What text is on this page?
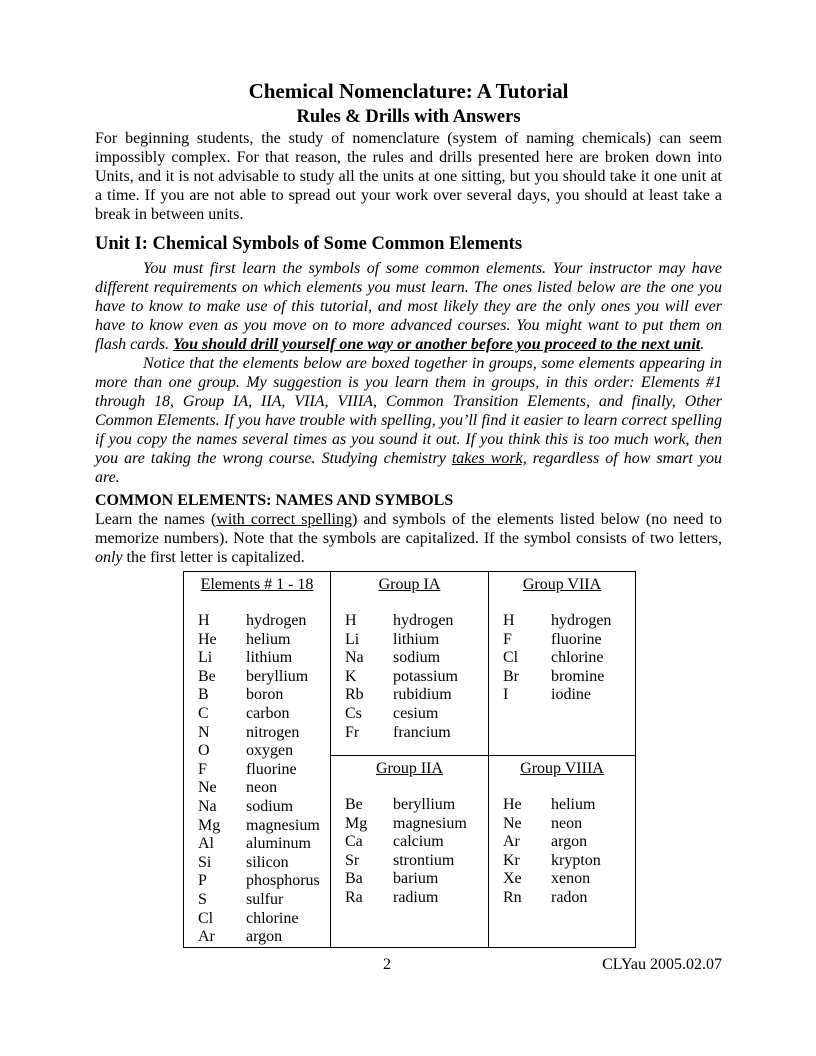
Chemical Nomenclature: A Tutorial
Rules & Drills with Answers

For beginning students, the study of nomenclature (system of naming chemicals) can seem impossibly complex. For that reason, the rules and drills presented here are broken down into Units, and it is not advisable to study all the units at one sitting, but you should take it one unit at a time. If you are not able to spread out your work over several days, you should at least take a break in between units.

Unit I: Chemical Symbols of Some Common Elements

You must first learn the symbols of some common elements. Your instructor may have different requirements on which elements you must learn. The ones listed below are the one you have to know to make use of this tutorial, and most likely they are the only ones you will ever have to know even as you move on to more advanced courses. You might want to put them on flash cards. You should drill yourself one way or another before you proceed to the next unit.

Notice that the elements below are boxed together in groups, some elements appearing in more than one group. My suggestion is you learn them in groups, in this order: Elements #1 through 18, Group IA, IIA, VIIA, VIIIA, Common Transition Elements, and finally, Other Common Elements. If you have trouble with spelling, you’ll find it easier to learn correct spelling if you copy the names several times as you sound it out. If you think this is too much work, then you are taking the wrong course. Studying chemistry takes work, regardless of how smart you are.

COMMON ELEMENTS: NAMES AND SYMBOLS

Learn the names (with correct spelling) and symbols of the elements listed below (no need to memorize numbers). Note that the symbols are capitalized. If the symbol consists of two letters, only the first letter is capitalized.

Elements # 1 - 18
H	hydrogen
He	helium
Li	lithium
Be	beryllium
B	boron
C	carbon
N	nitrogen
O	oxygen
F	fluorine
Ne	neon
Na	sodium
Mg	magnesium
Al	aluminum
Si	silicon
P	phosphorus
S	sulfur
Cl	chlorine
Ar	argon

Group IA
H	hydrogen
Li	lithium
Na	sodium
K	potassium
Rb	rubidium
Cs	cesium
Fr	francium

Group VIIA
H	hydrogen
F	fluorine
Cl	chlorine
Br	bromine
I	iodine

Group IIA
Be	beryllium
Mg	magnesium
Ca	calcium
Sr	strontium
Ba	barium
Ra	radium

Group VIIIA
He	helium
Ne	neon
Ar	argon
Kr	krypton
Xe	xenon
Rn	radon
2	CLYau 2005.02.07
